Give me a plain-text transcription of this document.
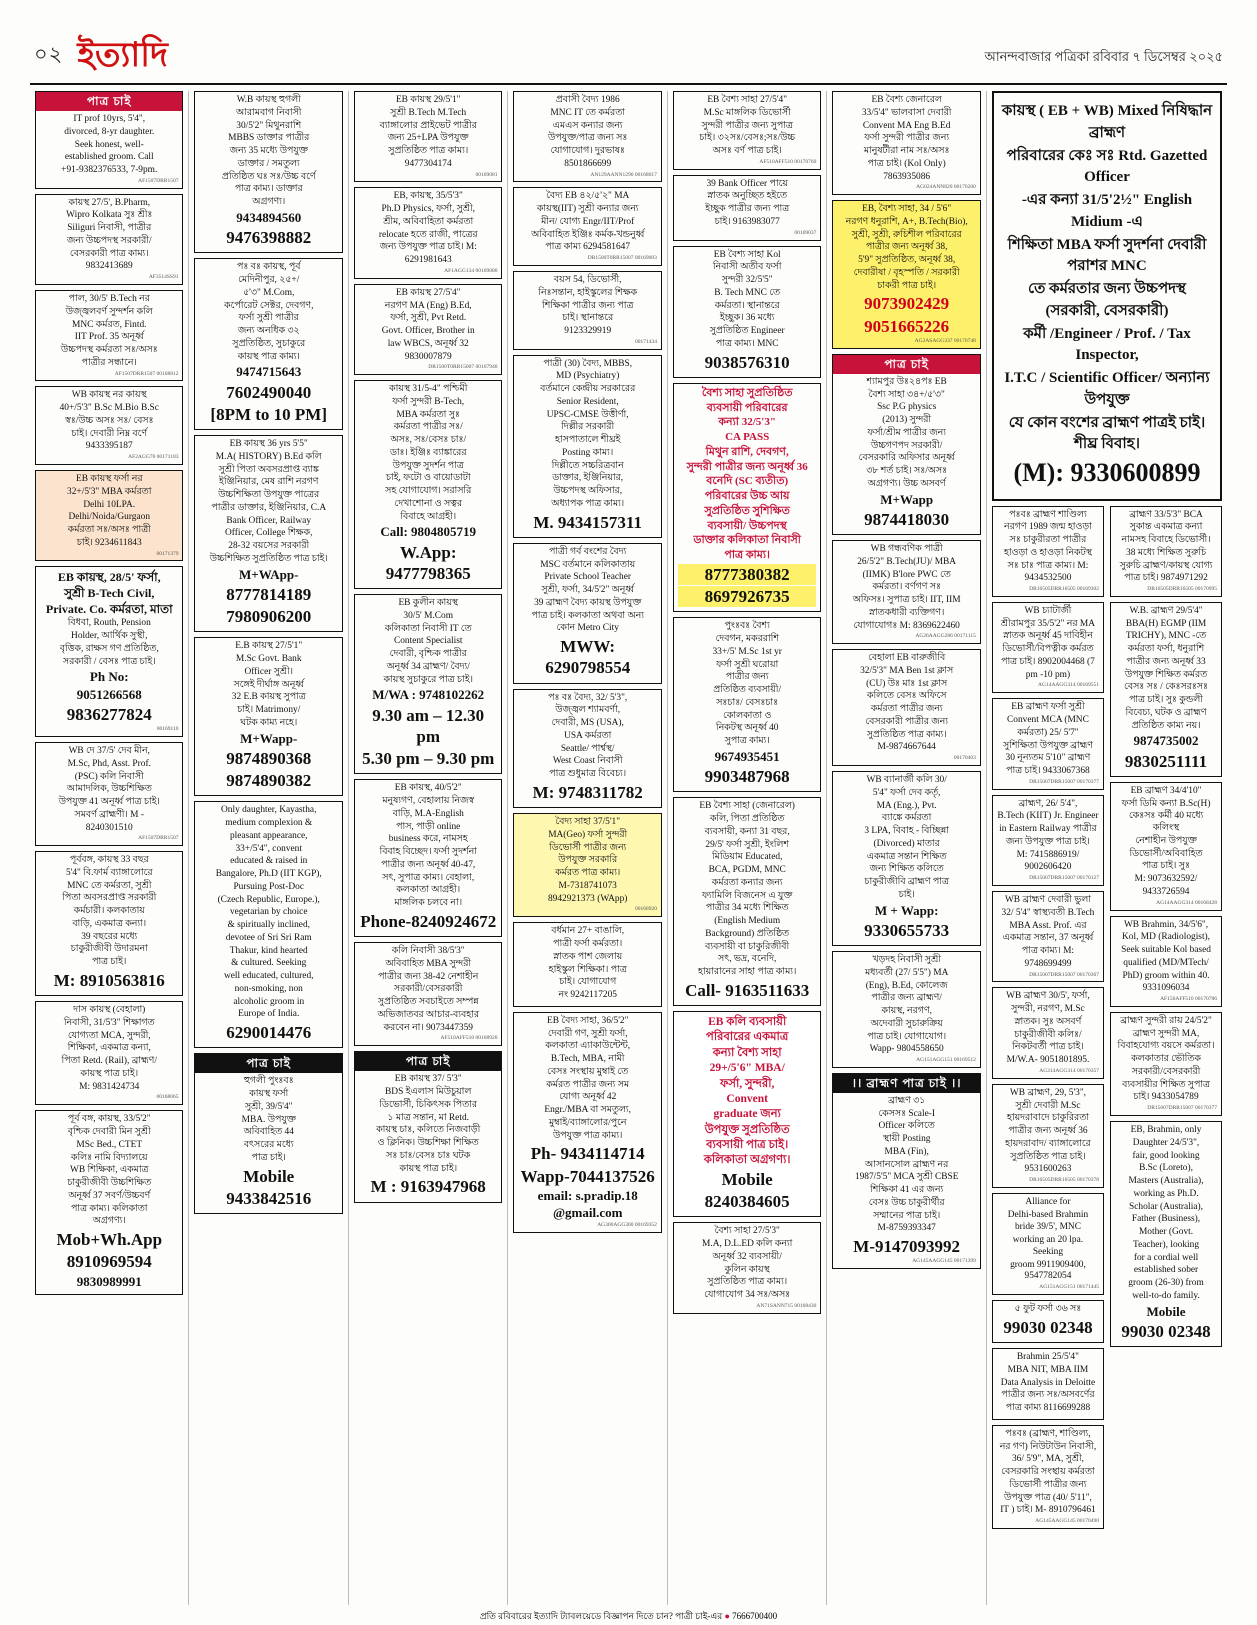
০২ ইত্যাদি	আনন্দবাজার পত্রিকা রবিবার ৭ ডিসেম্বর ২০২৫
পাত্র চাই

IT prof 10yrs, 5'4",

divorced, 8-yr daughter.

Seek honest, well-

established groom. Call

+91-9382376533, 7-9pm.

AF1507DRR1507

কায়স্থ 27/5', B.Pharm,

Wipro Kolkata সুঃ শ্রীঃ

Siliguri নিবাসী, পাত্রীর

জন্য উচ্চপদস্থ সরকারী/

বেসরকারী পাত্র কাম্য।

9832413689

AF3514SS91

পাল, 30/5' B.Tech নর

উজ্জ্বলবর্ণ সুন্দর্শন কলি

MNC কর্মরত, Fintd.

IIT Prof. 35 অনূর্ধ্ব

উচ্চপদস্থ কর্মরতা সঃ/অসঃ

পাত্রীর সন্ধানে।

AF1507DRR1507 00168812

WB কায়স্থ নর কায়স্থ

40+/5'3" B.Sc M.Bio B.Sc

স্বঃ/উচ্চ অসঃ সঃ/ বেসঃ

চাই। দেবারী নিম্ন বর্ণে

9433395187

AF2AGG78 00171183

EB কায়স্থ ফর্সা নর

32+/5'3" MBA কর্মরতা

Delhi 10LPA.

Delhi/Noida/Gurgaon

কর্মরতা সঃ/অসঃ পাত্রী

চাই। 9234611843

00171379

EB কায়স্থ, 28/5' ফর্সা,

সুশ্রী B-Tech Civil,

Private. Co. কর্মরতা, মাতা

বিধবা, Routh, Pension

Holder, আর্থিক সুস্থী,

বৃত্তিক, রাক্ষস গণ প্রতিষ্ঠিত,

সরকারী / বেসঃ পাত্র চাই।

Ph No:

9051266568

9836277824

00169110

WB দে 37/5' দেব মীন,

M.Sc, Phd, Asst. Prof.

(PSC) কলি নিবাসী

আমাদলিক, উচ্চশিক্ষিত

উপযুক্ত 41 অনূর্ধ্ব পাত্র চাই।

সমবর্ণ ব্রাহ্মণী। M -

8240301510

AF1507DRR1507

পূর্ববঙ্গ, কায়স্থ 33 বছর

5'4" বি.ফার্ম ব্যাঙ্গালোরে

MNC তে কর্মরতা, সুশ্রী

পিতা অবসরপ্রাপ্ত সরকারী

কর্মচারী। কলকাতায়

বাড়ি, একমাত্র কন্যা।

39 বছরের মধ্যে

চাকুরীজীবী উদারমনা

পাত্র চাই।

M: 8910563816

দাস কায়স্থ (বেহালা)

নিবাসী, 31/5'3" শিক্ষাগত

যোগ্যতা MCA, সুন্দরী,

শিক্ষিকা, একমাত্র কন্যা,

পিতা Retd. (Rail), ব্রাহ্মণ/

কায়স্থ পাত্র চাই।

M: 9831424734

00168065

পূর্ব বঙ্গ, কায়স্থ, 33/5'2"

বৃশ্চিক দেবারী মিন সুশ্রী

MSc Bed., CTET

কলিঃ নামি বিদ্যালয়ে

WB শিক্ষিকা, একমাত্র

চাকুরীজীবী উচ্চশিক্ষিত

অনূর্ধ্ব 37 সবর্ণ/উচ্চবর্ণ

পাত্র কাম্য। কলিকাতা

অগ্রগণ্য।

Mob+Wh.App

8910969594

9830989991

W.B কায়স্থ হুগলী

আরামবাগ নিবাসী

30/5'2" মিথুনরাশি

MBBS ডাক্তার পাত্রীর

জন্য 35 মধ্যে উপযুক্ত

ডাক্তার / সমতুল্য

প্রতিষ্ঠিত ঘঃ সঃ/উচ্চ বর্ণে

পাত্র কাম্য। ডাক্তার

অগ্রগণ্য।

9434894560

9476398882

পঃ বঃ কায়স্থ, পূর্ব

মেদিনীপুর, ২৫+/

৫'৩" M.Com,

কর্পোরেট সেক্টর, দেবগণ,

ফর্সা সুশ্রী পাত্রীর

জন্য অনধিক ৩২

সুপ্রতিষ্ঠিত, সুচাকুরে

কায়স্থ পাত্র কাম্য।

9474715643

7602490040

[8PM to 10 PM]

EB কায়স্থ 36 yrs 5'5"

M.A( HISTORY) B.Ed কলি

সুশ্রী পিতা অবসরপ্রাপ্ত ব্যাঙ্ক

ইঞ্জিনিয়ার, মেষ রাশি নরগণ

উচ্চশিক্ষিতা উপযুক্ত পাত্রের

পাত্রীর ডাক্তার, ইঞ্জিনিয়ার, C.A

Bank Officer, Railway

Officer, College শিক্ষক,

28-32 বয়সের সরকারী

উচ্চশিক্ষিত সুপ্রতিষ্ঠিত পাত্র চাই।

M+WApp-

8777814189

7980906200

E.B কায়স্থ 27/5'1"

M.Sc Govt. Bank

Officer সুশ্রী।

সঙ্গেই দীর্ঘাঙ্গ অনূর্ধ্ব

32 E.B কায়স্থ সুপাত্র

চাই। Matrimony/

ঘটক কাম্য নহে।

M+Wapp-

9874890368

9874890382

Only daughter, Kayastha,

medium complexion &

pleasant appearance,

33+/5'4", convent

educated & raised in

Bangalore, Ph.D (IIT KGP),

Pursuing Post-Doc

(Czech Republic, Europe.),

vegetarian by choice

& spiritually inclined,

devotee of Sri Sri Ram

Thakur, kind hearted

& cultured. Seeking

well educated, cultured,

non-smoking, non

alcoholic groom in

Europe of India.

6290014476

পাত্র চাই

হুগলী পুংঃবঃ

কায়স্থ ফর্সা

সুশ্রী, 39/5'4"

MBA. উপযুক্ত

অবিবাহিত 44

বৎসরের মধ্যে

পাত্র চাই।

Mobile

9433842516

EB কায়স্থ 29/5'1"

সুশ্রী B.Tech M.Tech

ব্যাঙ্গালোর প্রাইভেট পাত্রীর

জন্য 25+LPA উপযুক্ত

সুপ্রতিষ্ঠিত পাত্র কাম্য।

9477304174

00169081

EB, কায়স্থ, 35/5'3"

Ph.D Physics, ফর্সা, সুশ্রী,

শ্রীম, অবিবাহিতা কর্মরতা

relocate হতে রাজী, পাত্রের

জন্য উপযুক্ত পাত্র চাই। M:

6291981643

AF1AGG134 00169080

EB কায়স্থ 27/5'4"

নরগণ MA (Eng) B.Ed,

ফর্সা, সুশ্রী, Pvt Retd.

Govt. Officer, Brother in

law WBCS, অনূর্ধ্ব 32

9830007879

DR1500T0RR15007 00167940

কায়স্থ 31/5-4" পশ্চিমী

ফর্সা সুন্দরী B-Tech,

MBA কর্মরতা সুঃ

কর্মরতা পাত্রীর সঃ/

অসঃ, সঃ/বেসঃ চাঃ/

ডাঃ। ইঞ্জিঃ ব্যাঙ্কারের

উপযুক্ত সুদর্শন পাত্র

চাই, ফটো ও বায়োডাটা

সহ যোগাযোগ। সরাসরি

দেখাশোনা ও সত্বর

বিবাহে আগ্রহী।

Call: 9804805719

W.App: 9477798365

EB কুলীন কায়স্থ

30/5' M.Com

কলিকাতা নিবাসী IT তে

Content Specialist

দেবারী, বৃশ্চিক পাত্রীর

অনূর্ধ্ব 34 ব্রাহ্মণ/ বৈদ্য/

কায়স্থ সুচাকুরে পাত্র চাই।

M/WA : 9748102262

9.30 am – 12.30 pm

5.30 pm – 9.30 pm

EB কায়স্থ, 40/5'2"

মনুষ্যগণ, বেহালায় নিজস্ব

বাড়ি, M.A-English

পাস, পাড়ী online

business করে, নামসহ

বিবাহ বিচ্ছেদ। ফর্সা সুদর্শনা

পাত্রীর জন্য অনূর্ধ্ব 40-47,

সৎ, সুপাত্র কাম্য। বেহালা,

কলকাতা আগ্রহী।

মাঙ্গলিক চলবে না।

Phone-8240924672

কলি নিবাসী 38/5'3"

অবিবাহিত MBA সুন্দরী

পাত্রীর জন্য 38-42 নেশাহীন

সরকারী/বেসরকারী

সুপ্রতিষ্ঠিত সবচাইতে সম্পন্ন

অভিজাতবর আচার-ব্যবহার

করবেন না। 9073447359

AF510AFF510 00168920
পাত্র চাই

EB কায়স্থ 37/ 5'3"

BDS ইএলাস মিউচুয়াল

ডিভোর্সী, চিকিৎসক পিতার

১ মাত্র সন্তান, মা Retd.

কায়স্থ চাঃ, কলিতে নিজবাড়ী

ও ক্লিনিক। উচ্চশিক্ষা শিক্ষিত

সঃ চাঃ/বেসঃ চাঃ ঘটক

কায়স্থ পাত্র চাই।

M : 9163947968

প্রবাসী বৈদ্য 1986

MNC IT তে কর্মরতা

এমএস কন্যার জন্য

উপযুক্ত/পাত্র জন্য সঃ

যোগাযোগ। দুরভাষঃ

8501866699

AN129AANN1296 00168017

বৈদ্য EB ৪২/৫'২" MA

কায়স্থ(IIT) সুশ্রী কন্যার জন্য

মীন/ যোগ্য Engr/IIT/Prof

অবিবাহিত ইঞ্জিঃ কর্মক-খন্ডনুর্ধ্ব

পাত্র কাম্য 6294581647

DR1500T0RR15007 00169003

বয়স 54, ডিভোর্সী,

নিঃসন্তান, হাইস্কুলের শিক্ষক

শিক্ষিকা পাত্রীর জন্য পাত্র

চাই। স্থানান্তরে

9123329919

00171434

পাত্রী (30) বৈদ্য, MBBS,

MD (Psychiatry)

বর্তমানে কেন্দ্রীয় সরকারের

Senior Resident,

UPSC-CMSE উত্তীর্ণা,

দিল্লীর সরকারী

হাসপাতালে শীঘ্রই

Posting কাম্য।

দিল্লীতে সচ্চরিত্রবান

ডাক্তার, ইঞ্জিনিয়ার,

উচ্চপদস্থ অফিসার,

অধ্যাপক পাত্র কাম্য।

M. 9434157311

পাত্রী গর্ব বংশের বৈদ্য

MSC বর্তমানে কলিকাতায়

Private School Teacher

সুশ্রী, ফর্সা, 34/5'2" অনূর্ধ্ব

39 ব্রাহ্মণ বৈদ্য কায়স্থ উপযুক্ত

পাত্র চাই। কলকাতা অথবা অন্য

কোন Metro City

MWW: 6290798554

পঃ বঃ বৈদ্য, 32/ 5'3",

উজ্জ্বল শ্যামবর্ণা,

দেবারী, MS (USA),

USA কর্মরতা

Seattle/ পার্শ্বস্থ/

West Coast নিবাসী

পাত্র শুধুমাত্র বিবেচ্য।

M: 9748311782

বৈদ্য সাহা 37/5'1"

MA(Geo) ফর্সা সুন্দরী

ডিভোর্সী পাত্রীর জন্য

উপযুক্ত সরকারি

কর্মরত পাত্র কাম্য।

M-7318741073

8942921373 (WApp)

00168920

বর্ধমান 27+ বাঙালি,

পাত্রী ফর্সা কর্মরতা।

স্নাতক পাশ জেলায়

হাইস্কুল শিক্ষিকা। পাত্র

চাই। যোগাযোগ

নং 9242117205

EB বৈদ্য সাহা, 36/5'2"

দেবারী গণ, সুশ্রী ফর্সা,

কলকাতা এ্যাকাউন্টেন্ট,

B.Tech, MBA, নামী

বেসঃ সংস্থায় মুম্বাই তে

কর্মরত পাত্রীর জন্য সম

যোগ্য অনূর্ধ্ব 42

Engr./MBA বা সমতুল্য,

মুম্বাই/ব্যাঙ্গালোর/পুনে

উপযুক্ত পাত্র কাম্য।

Ph- 9434114714

Wapp-7044137526

email: s.pradip.18

@gmail.com

AG300AGG300 00169352

EB বৈশ্য সাহা 27/5'4"

M.Sc মাঙ্গলিক ডিভোর্সী

সুন্দরী পাত্রীর জন্য সুপাত্র

চাই। ৩২সঃ/বেসঃ;সঃ/উচ্চ

অসঃ বর্ণ পাত্র চাই।

AF510AFF510 00170760

39 Bank Officer পায়ে

স্নাতক অনুচ্ছিত হইতে

ইচ্ছুক পাত্রীর জন্য পাত্র

চাই। 9163983077

00169037

EB বৈশ্য সাহা Kol

নিবাসী অতীব ফর্সা

সুন্দরী 32/5'5"

B. Tech MNC তে

কর্মরতা। স্থানান্তরে

ইচ্ছুক। 36 মধ্যে

সুপ্রতিষ্ঠিত Engineer

পাত্র কাম্য। MNC

9038576310

বৈশ্য সাহা সুপ্রতিষ্ঠিত

ব্যবসায়ী পরিবারের

কন্যা 32/5'3"

CA PASS

মিথুন রাশি, দেবগণ,

সুন্দরী পাত্রীর জন্য অনূর্ধ্ব 36

বনেদি (SC ব্যতীত)

পরিবারের উচ্চ আয়

সুপ্রতিষ্ঠিত সুশিক্ষিত

ব্যবসায়ী/ উচ্চপদস্থ

ডাক্তার কলিকাতা নিবাসী

পাত্র কাম্য।

8777380382

8697926735

পুংঃবঃ বৈশ্য

দেবগন, মকররাশি

33+/5' M.Sc 1st yr

ফর্সা সুশ্রী ঘরোয়া

পাত্রীর জন্য

প্রতিষ্ঠিত ব্যবসায়ী/

সঃচাঃ/ বেসঃচাঃ

কোলকাতা ও

নিকটস্থ অনূর্ধ্ব 40

সুপাত্র কাম্য।

9674935451

9903487968

EB বৈশ্য সাহা (জেনারেল)

কলি, পিতা প্রতিষ্ঠিত

ব্যবসায়ী, কন্যা 31 বছর,

29/5' ফর্সা সুশ্রী, ইংলিশ

মিডিয়াম Educated,

BCA, PGDM, MNC

কর্মরতা কন্যার জন্য

ফ্যামিলি বিজনেস এ যুক্ত

পাত্রীর 34 মধ্যে শিক্ষিত

(English Medium

Background) প্রতিষ্ঠিত

ব্যবসায়ী বা চাকুরিজীবী

সৎ, ভদ্র, বনেদি,

হায়ারানের সাহা পাত্র কাম্য।

Call- 9163511633

EB কলি ব্যবসায়ী

পরিবারের একমাত্র

কন্যা বৈশ্য সাহা

29+/5'6" MBA/

ফর্সা, সুন্দরী,

Convent

graduate জন্য

উপযুক্ত সুপ্রতিষ্ঠিত

ব্যবসায়ী পাত্র চাই।

কলিকাতা অগ্রগণ্য।

Mobile

8240384605

বৈশ্য সাহা 27/5'3"

M.A, D.L.ED কলি কন্যা

অনূর্ধ্ব 32 ব্যবসায়ী/

কুলিন কায়স্থ

সুপ্রতিষ্ঠিত পাত্র কাম্য।

যোগাযোগ 34 সঃ/অসঃ

AN71SANN715 00168430

EB বৈশ্য জেনারেল

33/5'4" ভালবাসা দেবারী

Convent MA Eng B.Ed

ফর্সা সুন্দরী পাত্রীর জন্য

মানুষটীরা নাম সঃ/অসঃ

পাত্র চাই। (Kol Only)

7863935086

AG024ANN820 00170200

EB, বৈশ্য সাহা, 34 / 5'6"

নরগণ ধনুরাশি, A+, B.Tech(Bio),

সুশ্রী, সুশ্রী, রুচিশীল পরিবারের

পাত্রীর জন্য অনূর্ধ্ব 38,

5'9" সুপ্রতিষ্ঠিত, অনূর্ধ্ব 38,

দেবারীষা / বৃহস্পতি / সরকারী

চাকরী পাত্র চাই।

9073902429

9051665226

AG2ASAGG337 00170748
পাত্র চাই

শ্যামপুর উঃ২৪পঃ EB

বৈশ্য সাহা ৩৪+/৫'৩"

Ssc P.G physics

(2013) সুন্দরী

ফর্সা/শ্রীম পাত্রীর জন্য

উচ্চগণপদ সরকারী/

বেসরকারি অফিসার অনূর্ধ্ব

৩৮ শর্ত চাই। সঃ/অসঃ

অগ্রগণ্য। উচ্চ অসবর্ণ

M+Wapp

9874418030

WB গন্ধবণিক পাত্রী

26/5'2" B.Tech(JU)/ MBA

(IIMK) B'lore PWC তে

কর্মরতা। বর্ণগণ সঃ

অফিসঃ। সুপাত্র চাই। IIT, IIM

স্নাতকধারী ব্যক্তিগণ।

যোগাযোগঃ M: 8369622460

AG26AAGG286 00171115

বেহালা EB বারুজীবি

32/5'3" MA Ben 1st ক্লাস

(CU) উঃ মাঃ 1st ক্লাস

কলিতে বেসঃ অফিসে

কর্মরতা পাত্রীর জন্য

বেসরকারী পাত্রীর জন্য

সুপ্রতিষ্ঠিত পাত্র কাম্য।

M-9874667644

00170403

WB ব্যানার্জী কলি 30/

5'4" ফর্সা দেব কর্তৃ,

MA (Eng.), Pvt.

ব্যাঙ্কে কর্মরতা

3 LPA, বিবাহ - বিচ্ছিন্না

(Divorced) মাতার

একমাত্র সন্তান শিক্ষিত

জন্য শিক্ষিত কলিতে

চাকুরীজীবি ব্রাহ্মণ পাত্র

চাই।

M + Wapp:

9330655733

খড়দহ নিবাসী সুশ্রী

মধ্যবর্তী (27/ 5'5") MA

(Eng), B.Ed, কোলেজ

পাত্রীর জন্য ব্রাহ্মণ/

কায়স্থ, নরগণ,

অদেবারী সুচারুক্রিয়

পাত্র চাই। যোগাযোগ।

Wapp- 9804558650

AG151AGG151 00169512
।। ব্রাহ্মণ পাত্র চাই ।।

ব্রাহ্মণ ৩১

কেসসঃ Scale-I

Officer কলিতে

স্থায়ী Posting

MBA (Fin),

আসানসোল ব্রাহ্মণ নর

1987/5'5" MCA সুশ্রী CBSE

শিক্ষিকা 41 এর জন্য

বেসঃ উচ্চ চাকুরীর্থীর

সম্মানের পাত্র চাই।

M-8759393347

M-9147093992

AG145AAGG145 00171399

কায়স্থ ( EB + WB) Mixed নিষিদ্ধান ব্রাহ্মণ

পরিবারের কেঃ সঃ Rtd. Gazetted Officer

-এর কন্যা 31/5'2½" English Midium -এ

শিক্ষিতা MBA ফর্সা সুদর্শনা দেবারী পরাশর MNC

তে কর্মরতার জন্য উচ্চপদস্থ (সরকারী, বেসরকারী)

কর্মী /Engineer / Prof. / Tax Inspector,

I.T.C / Scientific Officer/ অন্যান্য উপযুক্ত

যে কোন বংশের ব্রাহ্মণ পাত্রই চাই। শীঘ্র বিবাহ।

(M): 9330600899

পঃবঃ ব্রাহ্মণ শাণ্ডিল্য

নরগণ 1989 জন্ম হাওড়া

সঃ চাকুরীরতা পাত্রীর

হাওড়া ও হাওড়া নিকটস্থ

সঃ চাঃ পাত্র কাম্য। M:

9434532500

DR16505DRR16505 00169302

WB চ্যাটার্জী

শ্রীরামপুর 35/5'2" নর MA

স্নাতক অনূর্ধ্ব 45 দাবিহীন

ডিভোর্সী/বিপত্নীক কর্মরত

পাত্র চাই। 8902004468 (7

pm -10 pm)

AG14AAGG314 00169551

EB ব্রাহ্মণ ফর্সা সুশ্রী

Convent MCA (MNC

কর্মরতা) 25/ 5'7"

সুশিক্ষিতা উপযুক্ত ব্রাহ্মণ

30 নূন্যতম 5'10" ব্রাহ্মণ

পাত্র চাই। 9433067368

DR15007DRR15007 00170377

ব্রাহ্মণ, 26/ 5'4",

B.Tech (KIIT) Jr. Engineer

in Eastern Railway পাত্রীর

জন্য উপযুক্ত পাত্র চাই।

M: 7415886919/

9002606420

DR15007DRR15007 00170127

WB ব্রাহ্মণ দেবারী ভুলা

32/ 5'4" স্বাস্থ্যবতী B.Tech

MBA Asst. Prof. এর

একমাত্র সন্তান, 37 অনূর্ধ্ব

পাত্র কাম্য। M:

9748699499

DR15007DRR15007 00170367

WB ব্রাহ্মণ 30/5', ফর্সা,

সুন্দরী, নরগণ, M.Sc

স্নাতক। সুঃ অসবর্ণ

চাকুরীজীবী কলিঃ/

নিকটবর্তী পাত্র চাই।

M/W.A- 9051801895.

AG314AGG314 00170357

WB ব্রাহ্মণ, 29, 5'3",

সুশ্রী দেবারী M.Sc

হায়দরাবাদে চাকুরিরতা

পাত্রীর জন্য অনূর্ধ্ব 36

হায়দরাবাদ/ ব্যাঙ্গালোরে

সুপ্রতিষ্ঠিত পাত্র চাই।

9531600263

DR16505DRR16505 00170378

Alliance for

Delhi-based Brahmin

bride 39/5', MNC

working an 20 lpa. Seeking

groom 9911909400, 9547782054

AG151AGG151 00171445

৫ ফুট ফর্সা ৩৬ সঃ

99030 02348

Brahmin 25/5'4"

MBA NIT, MBA IIM

Data Analysis in Deloitte

পাত্রীর জন্য সঃ/অসবর্ণের

পাত্র কাম্য 8116699288

পঃবঃ (ব্রাহ্মণ, শাণ্ডিল্য,

নর গণ) নিউটাউন নিবাসী,

36/ 5'9", MA, সুশ্রী,

বেসরকারি সংস্থায় কর্মরতা

ডিভোর্সী পাত্রীর জন্য

উপযুক্ত পাত্র (40/ 5'11",

IT ) চাই। M- 8910796461

AG145AAGG145 00170490

ব্রাহ্মণ 33/5'3" BCA

সুকান্ত একমাত্র কন্যা

নামসহ বিবাহে ডিভোর্সী।

38 মধ্যে শিক্ষিত সুরুচি

সুরুচি ব্রাহ্মণ/কায়স্থ যোগ্য

পাত্র চাই। 9874971292

DR16505DRR16505 00170995

W.B. ব্রাহ্মণ 29/5'4"

BBA(H) EGMP (IIM

TRICHY), MNC -তে

কর্মরতা ফর্সা, ধনুরাশি

পাত্রীর জন্য অনূর্ধ্ব 33

উপযুক্ত শিক্ষিত কর্মরত

বেসঃ সঃ / কেঃসরঃসঃ

পাত্র চাই। সুঃ কুন্ডলী

বিবেচ্য, ঘটক ও ব্রাহ্মণ

প্রতিষ্ঠিত কাম্য নয়।

9874735002

9830251111

EB ব্রাহ্মণ 34/4'10"

ফর্সা ডিমি কন্যা B.Sc(H)

কেঃসঃ কর্মী 40 মধ্যে কলিংস্থ

নেশাহীন উপযুক্ত

ডিভোর্সী/অবিবাহিত

পাত্র চাই। সুঃ

M: 9073632592/

9433726594

AG14AAGG314 00168428

WB Brahmin, 34/5'6",

Kol, MD (Radiologist),

Seek suitable Kol based

qualified (MD/MTech/

PhD) groom within 40.

9331096034

AF150AFF510 00170786

ব্রাহ্মণ সুন্দরী রায় 24/5'2"

ব্রাহ্মণ সুন্দরী MA,

বিবাহযোগ্য বয়সে কর্মরতা।

কলকাতার ভৌতিক

সরকারী/বেসরকারী

ব্যবসায়ীর শিক্ষিত সুপাত্র

চাই। 9433054789

DR15007DRR15007 00170377

EB, Brahmin, only

Daughter 24/5'3",

fair, good looking

B.Sc (Loreto),

Masters (Australia),

working as Ph.D.

Scholar (Australia),

Father (Business),

Mother (Govt.

Teacher), looking

for a cordial well

established sober

groom (26-30) from

well-to-do family.

Mobile

99030 02348

প্রতি রবিবারের ইত্যাদি ট্যাবলয়েডে বিজ্ঞাপন দিতে চান? পাত্রী চাই-এর ● 7666700400
